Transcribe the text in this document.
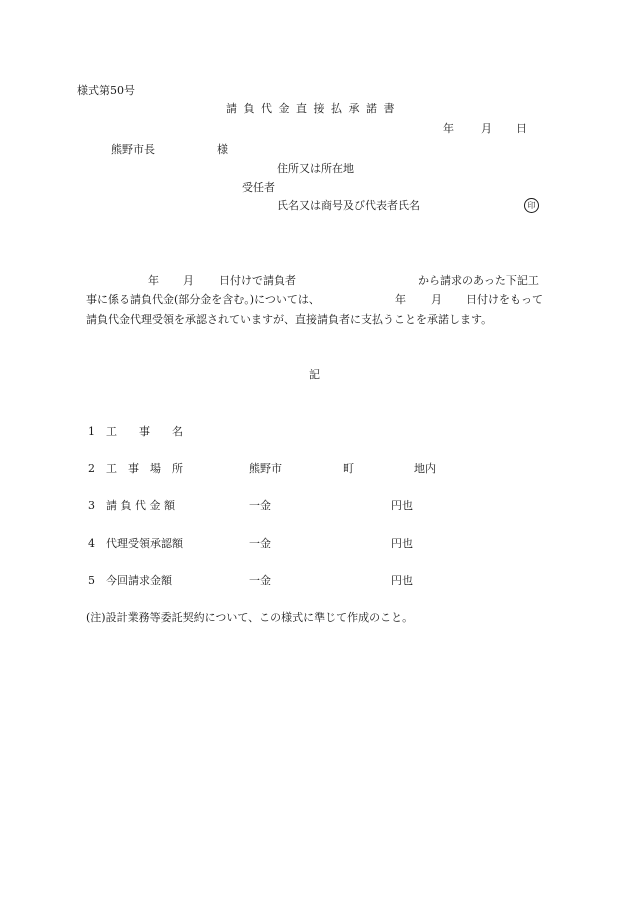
様式第50号
請負代金直接払承諾書
年 月 日
熊野市長	様
住所又は所在地
受任者
氏名又は商号及び代表者氏名	印
年 月 日付けで請負者	から請求のあった下記工
事に係る請負代金(部分金を含む。)については、	年 月 日付けをもって
請負代金代理受領を承認されていますが、直接請負者に支払うことを承諾します。
記
1 工　　事　　名
2 工　事　場　所	熊野市	町	地内
3 請 負 代 金 額	一金	円也
4 代理受領承認額	一金	円也
5 今回請求金額	一金	円也
(注)設計業務等委託契約について、この様式に準じて作成のこと。
